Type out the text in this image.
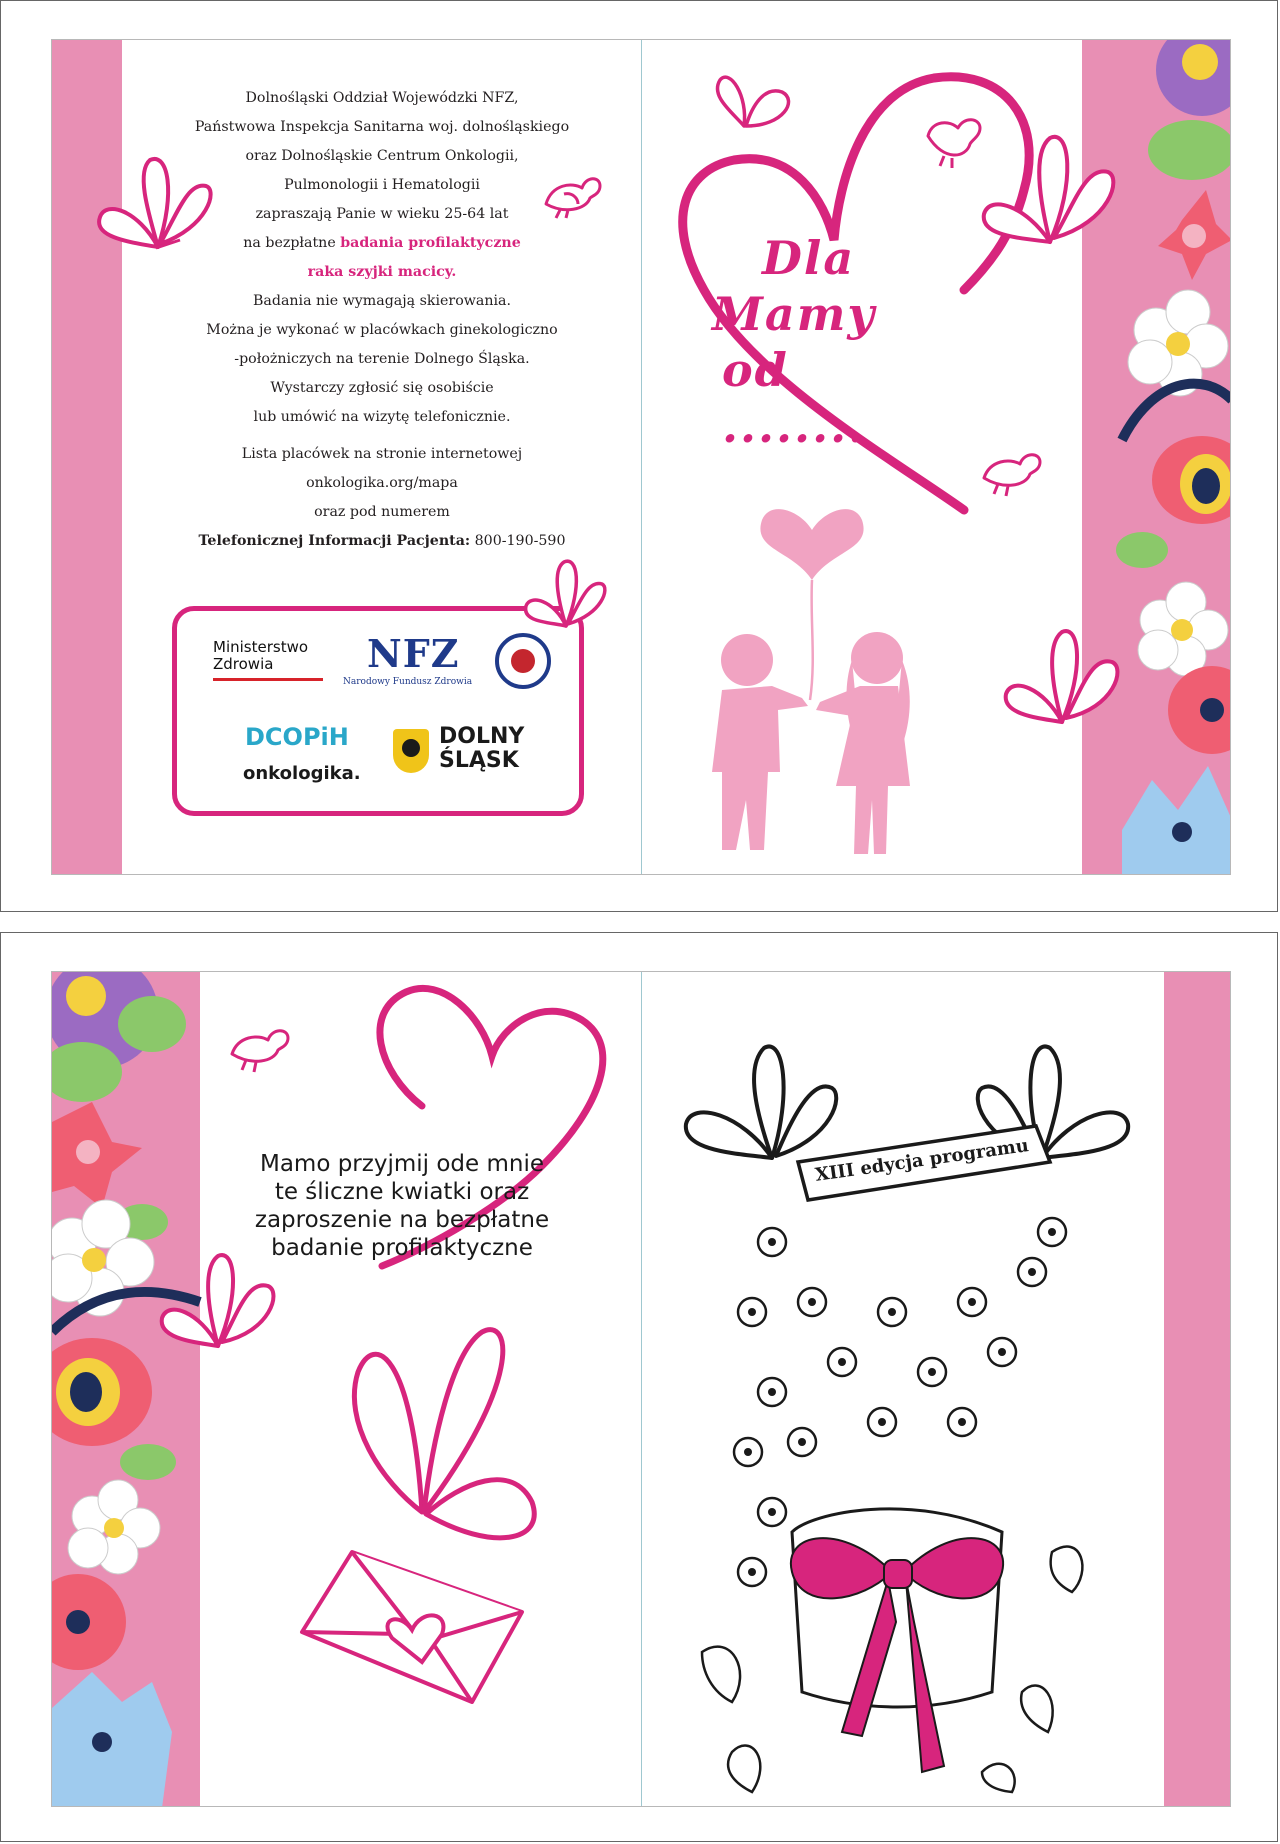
Dolnośląski Oddział Wojewódzki NFZ,
Państwowa Inspekcja Sanitarna woj. dolnośląskiego
oraz Dolnośląskie Centrum Onkologii,
Pulmonologii i Hematologii
zapraszają Panie w wieku 25-64 lat
na bezpłatne badania profilaktyczne
raka szyjki macicy.
Badania nie wymagają skierowania.
Można je wykonać w placówkach ginekologiczno
-położniczych na terenie Dolnego Śląska.
Wystarczy zgłosić się osobiście
lub umówić na wizytę telefonicznie.
Lista placówek na stronie internetowej
onkologika.org/mapa
oraz pod numerem
Telefonicznej Informacji Pacjenta: 800-190-590
Ministerstwo
Zdrowia	NFZ
Narodowy Fundusz Zdrowia
DCOPiH
onkologika.
DOLNY
ŚLĄSK
Dla
Mamy
od ........
Mamo przyjmij ode mnie
te śliczne kwiatki oraz
zaproszenie na bezpłatne
badanie profilaktyczne
XIII edycja programu
